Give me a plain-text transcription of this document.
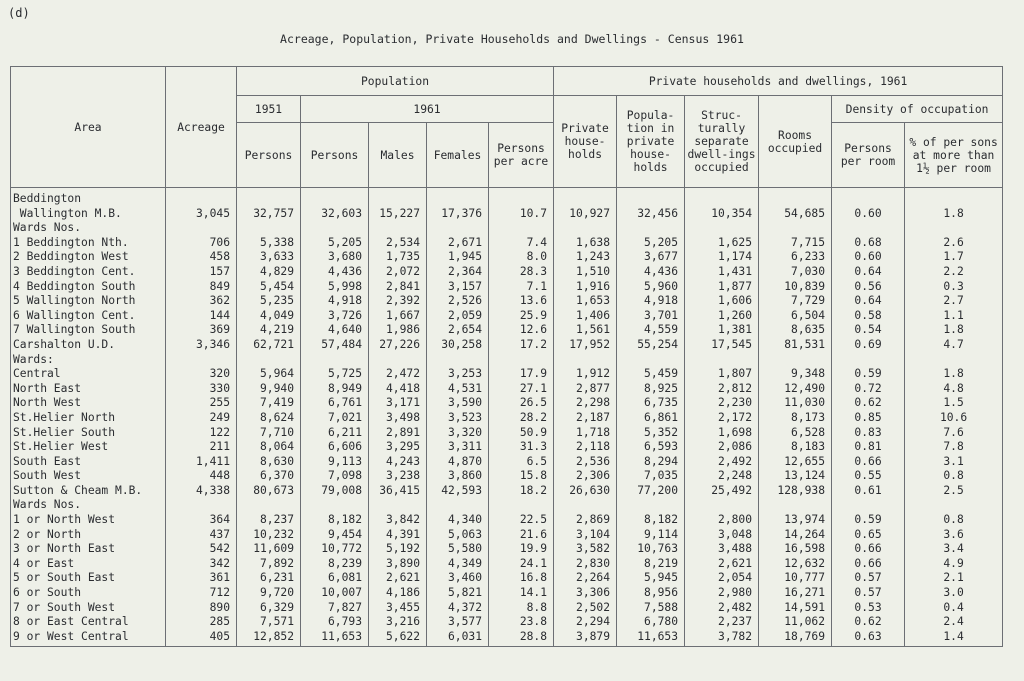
(d)
Acreage, Population, Private Households and Dwellings - Census 1961
Area	Acreage	Population					Private households and dwellings, 1961					
		1951	1961				Private house-holds	Popula-tion in private house-holds	Struc-turally separate dwell-ings occupied	Rooms occupied	Density of occupation	
		Persons	Persons	Males	Females	Persons per acre					Persons per room	% of per sons at more than 1½ per room
Beddington												
Wallington M.B.	3,045	32,757	32,603	15,227	17,376	10.7	10,927	32,456	10,354	54,685	0.60	1.8
Wards Nos.												
1 Beddington Nth.	706	5,338	5,205	2,534	2,671	7.4	1,638	5,205	1,625	7,715	0.68	2.6
2 Beddington West	458	3,633	3,680	1,735	1,945	8.0	1,243	3,677	1,174	6,233	0.60	1.7
3 Beddington Cent.	157	4,829	4,436	2,072	2,364	28.3	1,510	4,436	1,431	7,030	0.64	2.2
4 Beddington South	849	5,454	5,998	2,841	3,157	7.1	1,916	5,960	1,877	10,839	0.56	0.3
5 Wallington North	362	5,235	4,918	2,392	2,526	13.6	1,653	4,918	1,606	7,729	0.64	2.7
6 Wallington Cent.	144	4,049	3,726	1,667	2,059	25.9	1,406	3,701	1,260	6,504	0.58	1.1
7 Wallington South	369	4,219	4,640	1,986	2,654	12.6	1,561	4,559	1,381	8,635	0.54	1.8
Carshalton U.D.	3,346	62,721	57,484	27,226	30,258	17.2	17,952	55,254	17,545	81,531	0.69	4.7
Wards:												
Central	320	5,964	5,725	2,472	3,253	17.9	1,912	5,459	1,807	9,348	0.59	1.8
North East	330	9,940	8,949	4,418	4,531	27.1	2,877	8,925	2,812	12,490	0.72	4.8
North West	255	7,419	6,761	3,171	3,590	26.5	2,298	6,735	2,230	11,030	0.62	1.5
St.Helier North	249	8,624	7,021	3,498	3,523	28.2	2,187	6,861	2,172	8,173	0.85	10.6
St.Helier South	122	7,710	6,211	2,891	3,320	50.9	1,718	5,352	1,698	6,528	0.83	7.6
St.Helier West	211	8,064	6,606	3,295	3,311	31.3	2,118	6,593	2,086	8,183	0.81	7.8
South East	1,411	8,630	9,113	4,243	4,870	6.5	2,536	8,294	2,492	12,655	0.66	3.1
South West	448	6,370	7,098	3,238	3,860	15.8	2,306	7,035	2,248	13,124	0.55	0.8
Sutton & Cheam M.B.	4,338	80,673	79,008	36,415	42,593	18.2	26,630	77,200	25,492	128,938	0.61	2.5
Wards Nos.												
1 or North West	364	8,237	8,182	3,842	4,340	22.5	2,869	8,182	2,800	13,974	0.59	0.8
2 or North	437	10,232	9,454	4,391	5,063	21.6	3,104	9,114	3,048	14,264	0.65	3.6
3 or North East	542	11,609	10,772	5,192	5,580	19.9	3,582	10,763	3,488	16,598	0.66	3.4
4 or East	342	7,892	8,239	3,890	4,349	24.1	2,830	8,219	2,621	12,632	0.66	4.9
5 or South East	361	6,231	6,081	2,621	3,460	16.8	2,264	5,945	2,054	10,777	0.57	2.1
6 or South	712	9,720	10,007	4,186	5,821	14.1	3,306	8,956	2,980	16,271	0.57	3.0
7 or South West	890	6,329	7,827	3,455	4,372	8.8	2,502	7,588	2,482	14,591	0.53	0.4
8 or East Central	285	7,571	6,793	3,216	3,577	23.8	2,294	6,780	2,237	11,062	0.62	2.4
9 or West Central	405	12,852	11,653	5,622	6,031	28.8	3,879	11,653	3,782	18,769	0.63	1.4
